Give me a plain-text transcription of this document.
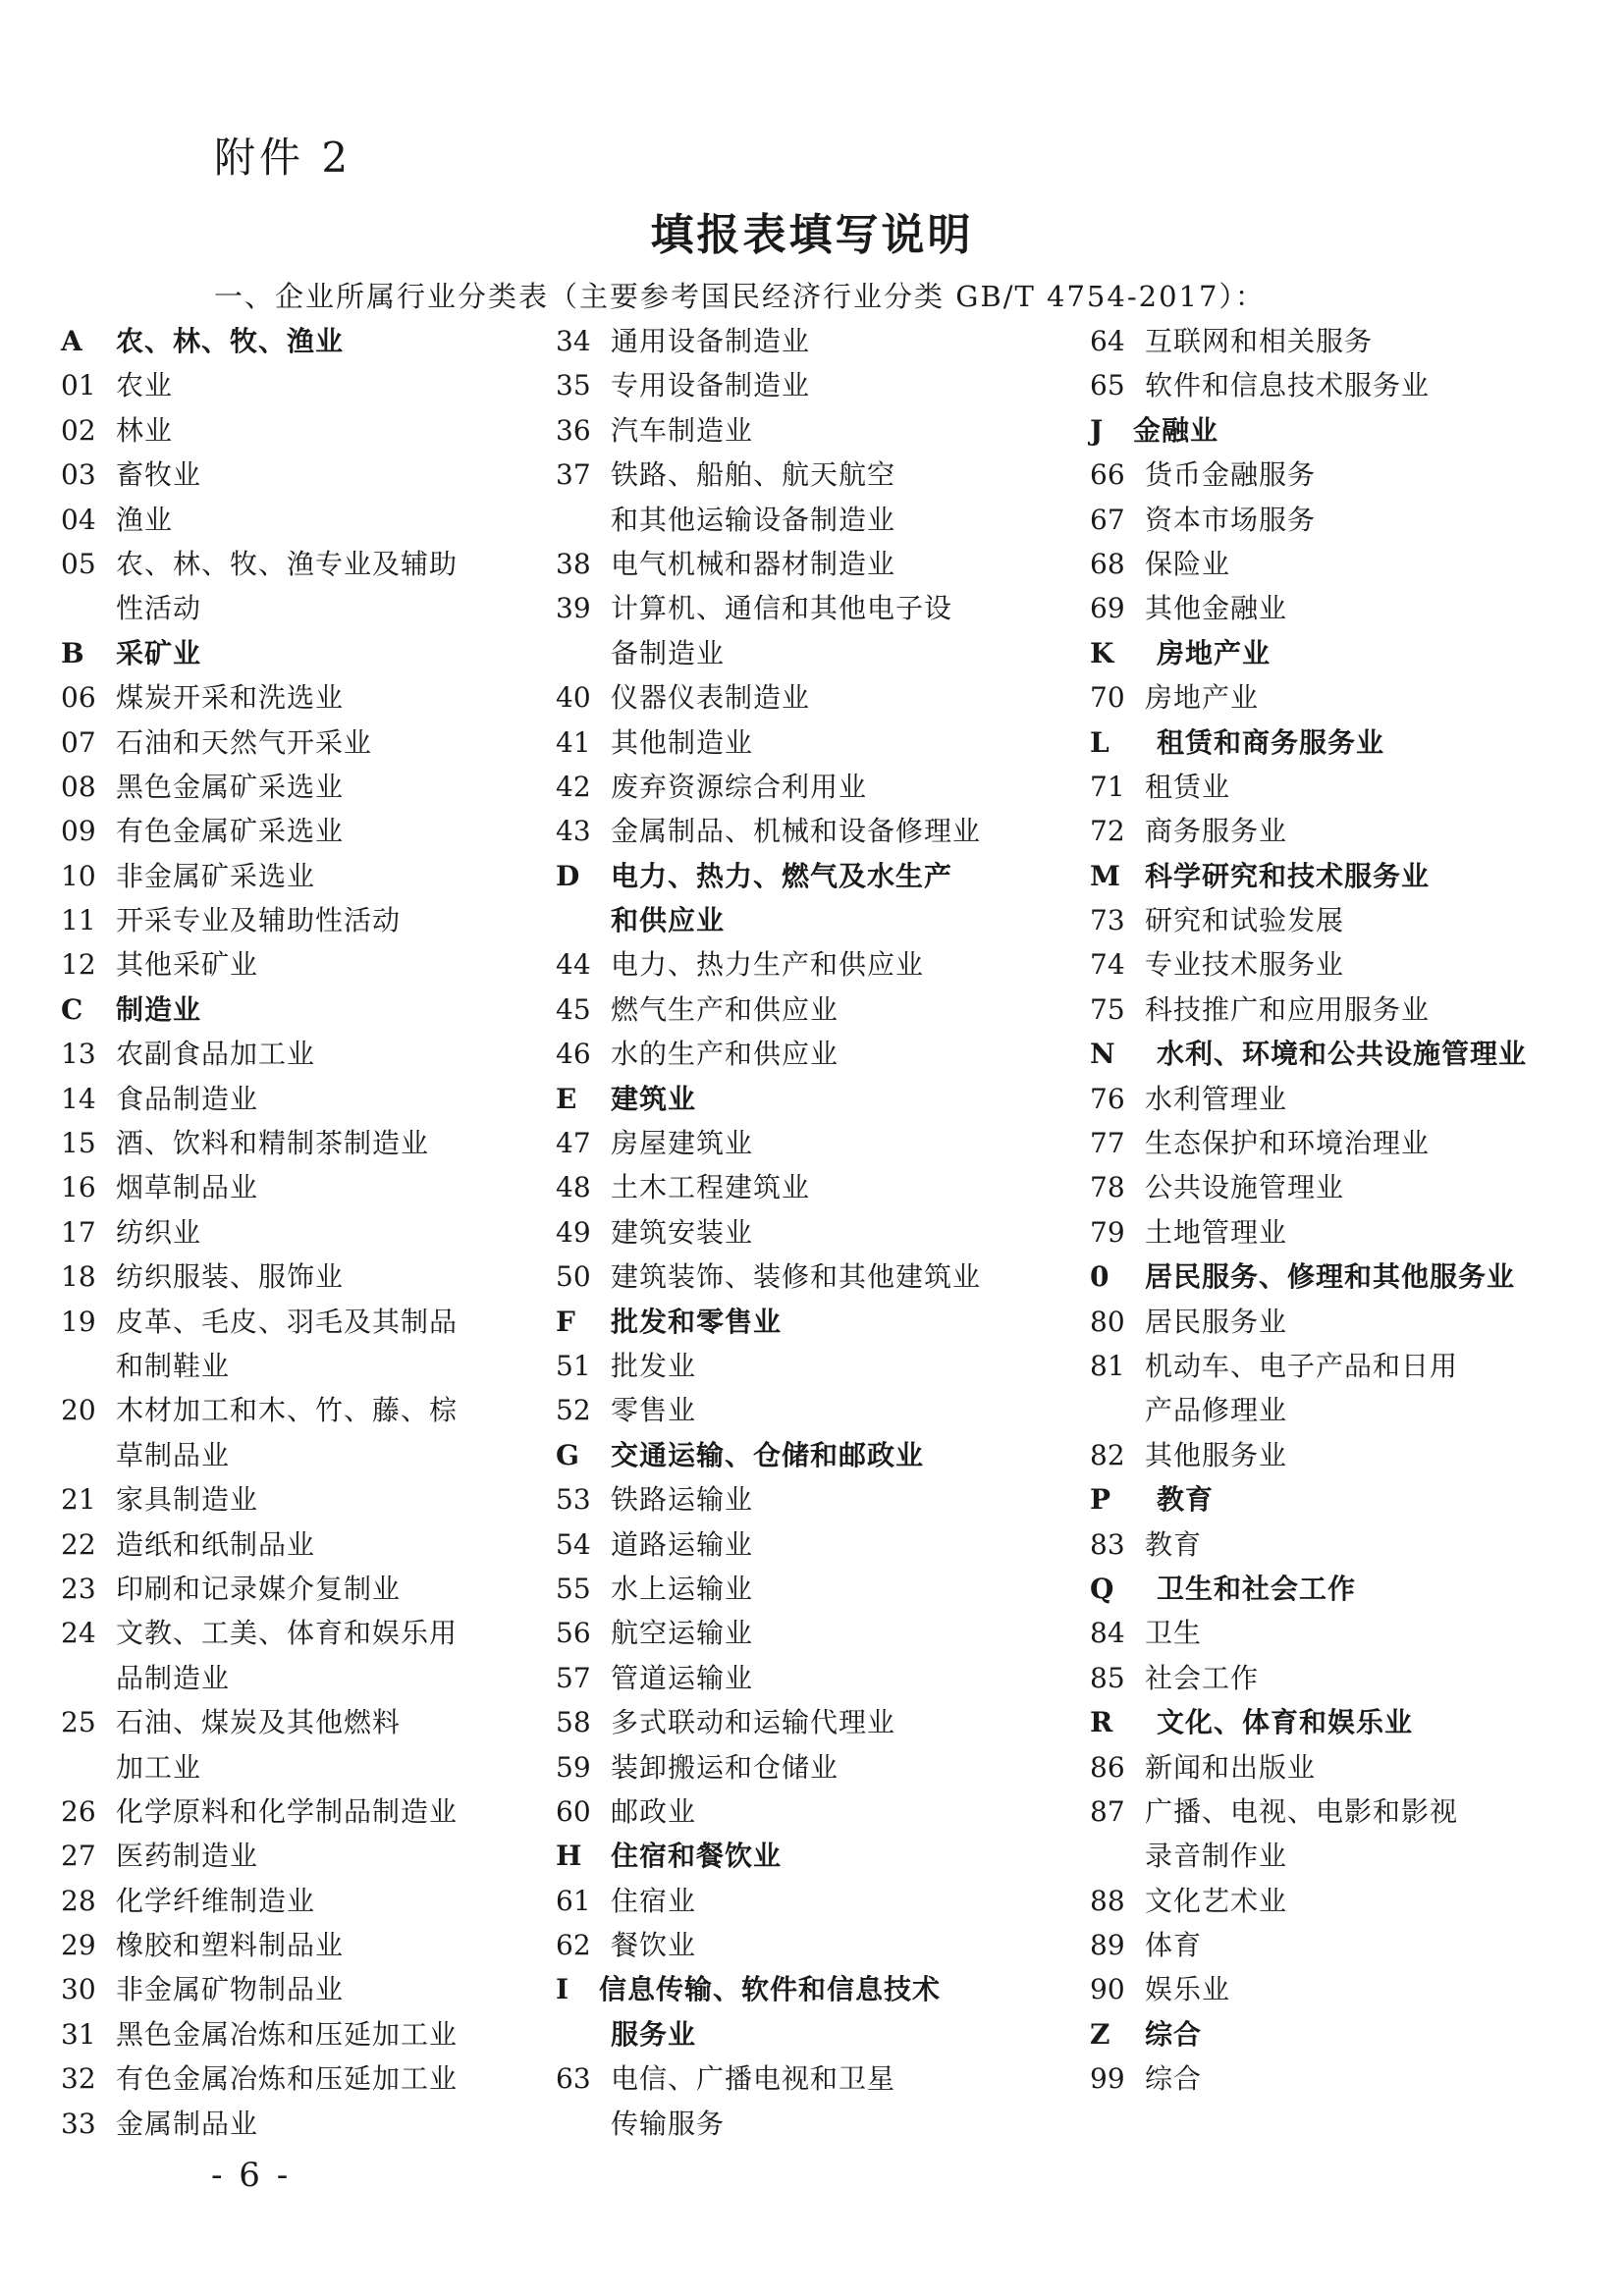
附件 2
填报表填写说明
一、企业所属行业分类表（主要参考国民经济行业分类 GB/T 4754-2017）：
A 农、林、牧、渔业
01 农业
02 林业
03 畜牧业
04 渔业
05 农、林、牧、渔专业及辅助
性活动
B 采矿业
06 煤炭开采和洗选业
07 石油和天然气开采业
08 黑色金属矿采选业
09 有色金属矿采选业
10 非金属矿采选业
11 开采专业及辅助性活动
12 其他采矿业
C 制造业
13 农副食品加工业
14 食品制造业
15 酒、饮料和精制茶制造业
16 烟草制品业
17 纺织业
18 纺织服装、服饰业
19 皮革、毛皮、羽毛及其制品
和制鞋业
20 木材加工和木、竹、藤、棕
草制品业
21 家具制造业
22 造纸和纸制品业
23 印刷和记录媒介复制业
24 文教、工美、体育和娱乐用
品制造业
25 石油、煤炭及其他燃料
加工业
26 化学原料和化学制品制造业
27 医药制造业
28 化学纤维制造业
29 橡胶和塑料制品业
30 非金属矿物制品业
31 黑色金属冶炼和压延加工业
32 有色金属冶炼和压延加工业
33 金属制品业
34 通用设备制造业
35 专用设备制造业
36 汽车制造业
37 铁路、船舶、航天航空
和其他运输设备制造业
38 电气机械和器材制造业
39 计算机、通信和其他电子设
备制造业
40 仪器仪表制造业
41 其他制造业
42 废弃资源综合利用业
43 金属制品、机械和设备修理业
D 电力、热力、燃气及水生产
和供应业
44 电力、热力生产和供应业
45 燃气生产和供应业
46 水的生产和供应业
E 建筑业
47 房屋建筑业
48 土木工程建筑业
49 建筑安装业
50 建筑装饰、装修和其他建筑业
F 批发和零售业
51 批发业
52 零售业
G 交通运输、仓储和邮政业
53 铁路运输业
54 道路运输业
55 水上运输业
56 航空运输业
57 管道运输业
58 多式联动和运输代理业
59 装卸搬运和仓储业
60 邮政业
H 住宿和餐饮业
61 住宿业
62 餐饮业
I 信息传输、软件和信息技术
服务业
63 电信、广播电视和卫星
传输服务
64 互联网和相关服务
65 软件和信息技术服务业
J 金融业
66 货币金融服务
67 资本市场服务
68 保险业
69 其他金融业
K 房地产业
70 房地产业
L 租赁和商务服务业
71 租赁业
72 商务服务业
M 科学研究和技术服务业
73 研究和试验发展
74 专业技术服务业
75 科技推广和应用服务业
N 水利、环境和公共设施管理业
76 水利管理业
77 生态保护和环境治理业
78 公共设施管理业
79 土地管理业
0 居民服务、修理和其他服务业
80 居民服务业
81 机动车、电子产品和日用
产品修理业
82 其他服务业
P 教育
83 教育
Q 卫生和社会工作
84 卫生
85 社会工作
R 文化、体育和娱乐业
86 新闻和出版业
87 广播、电视、电影和影视
录音制作业
88 文化艺术业
89 体育
90 娱乐业
Z 综合
99 综合
- 6 -
